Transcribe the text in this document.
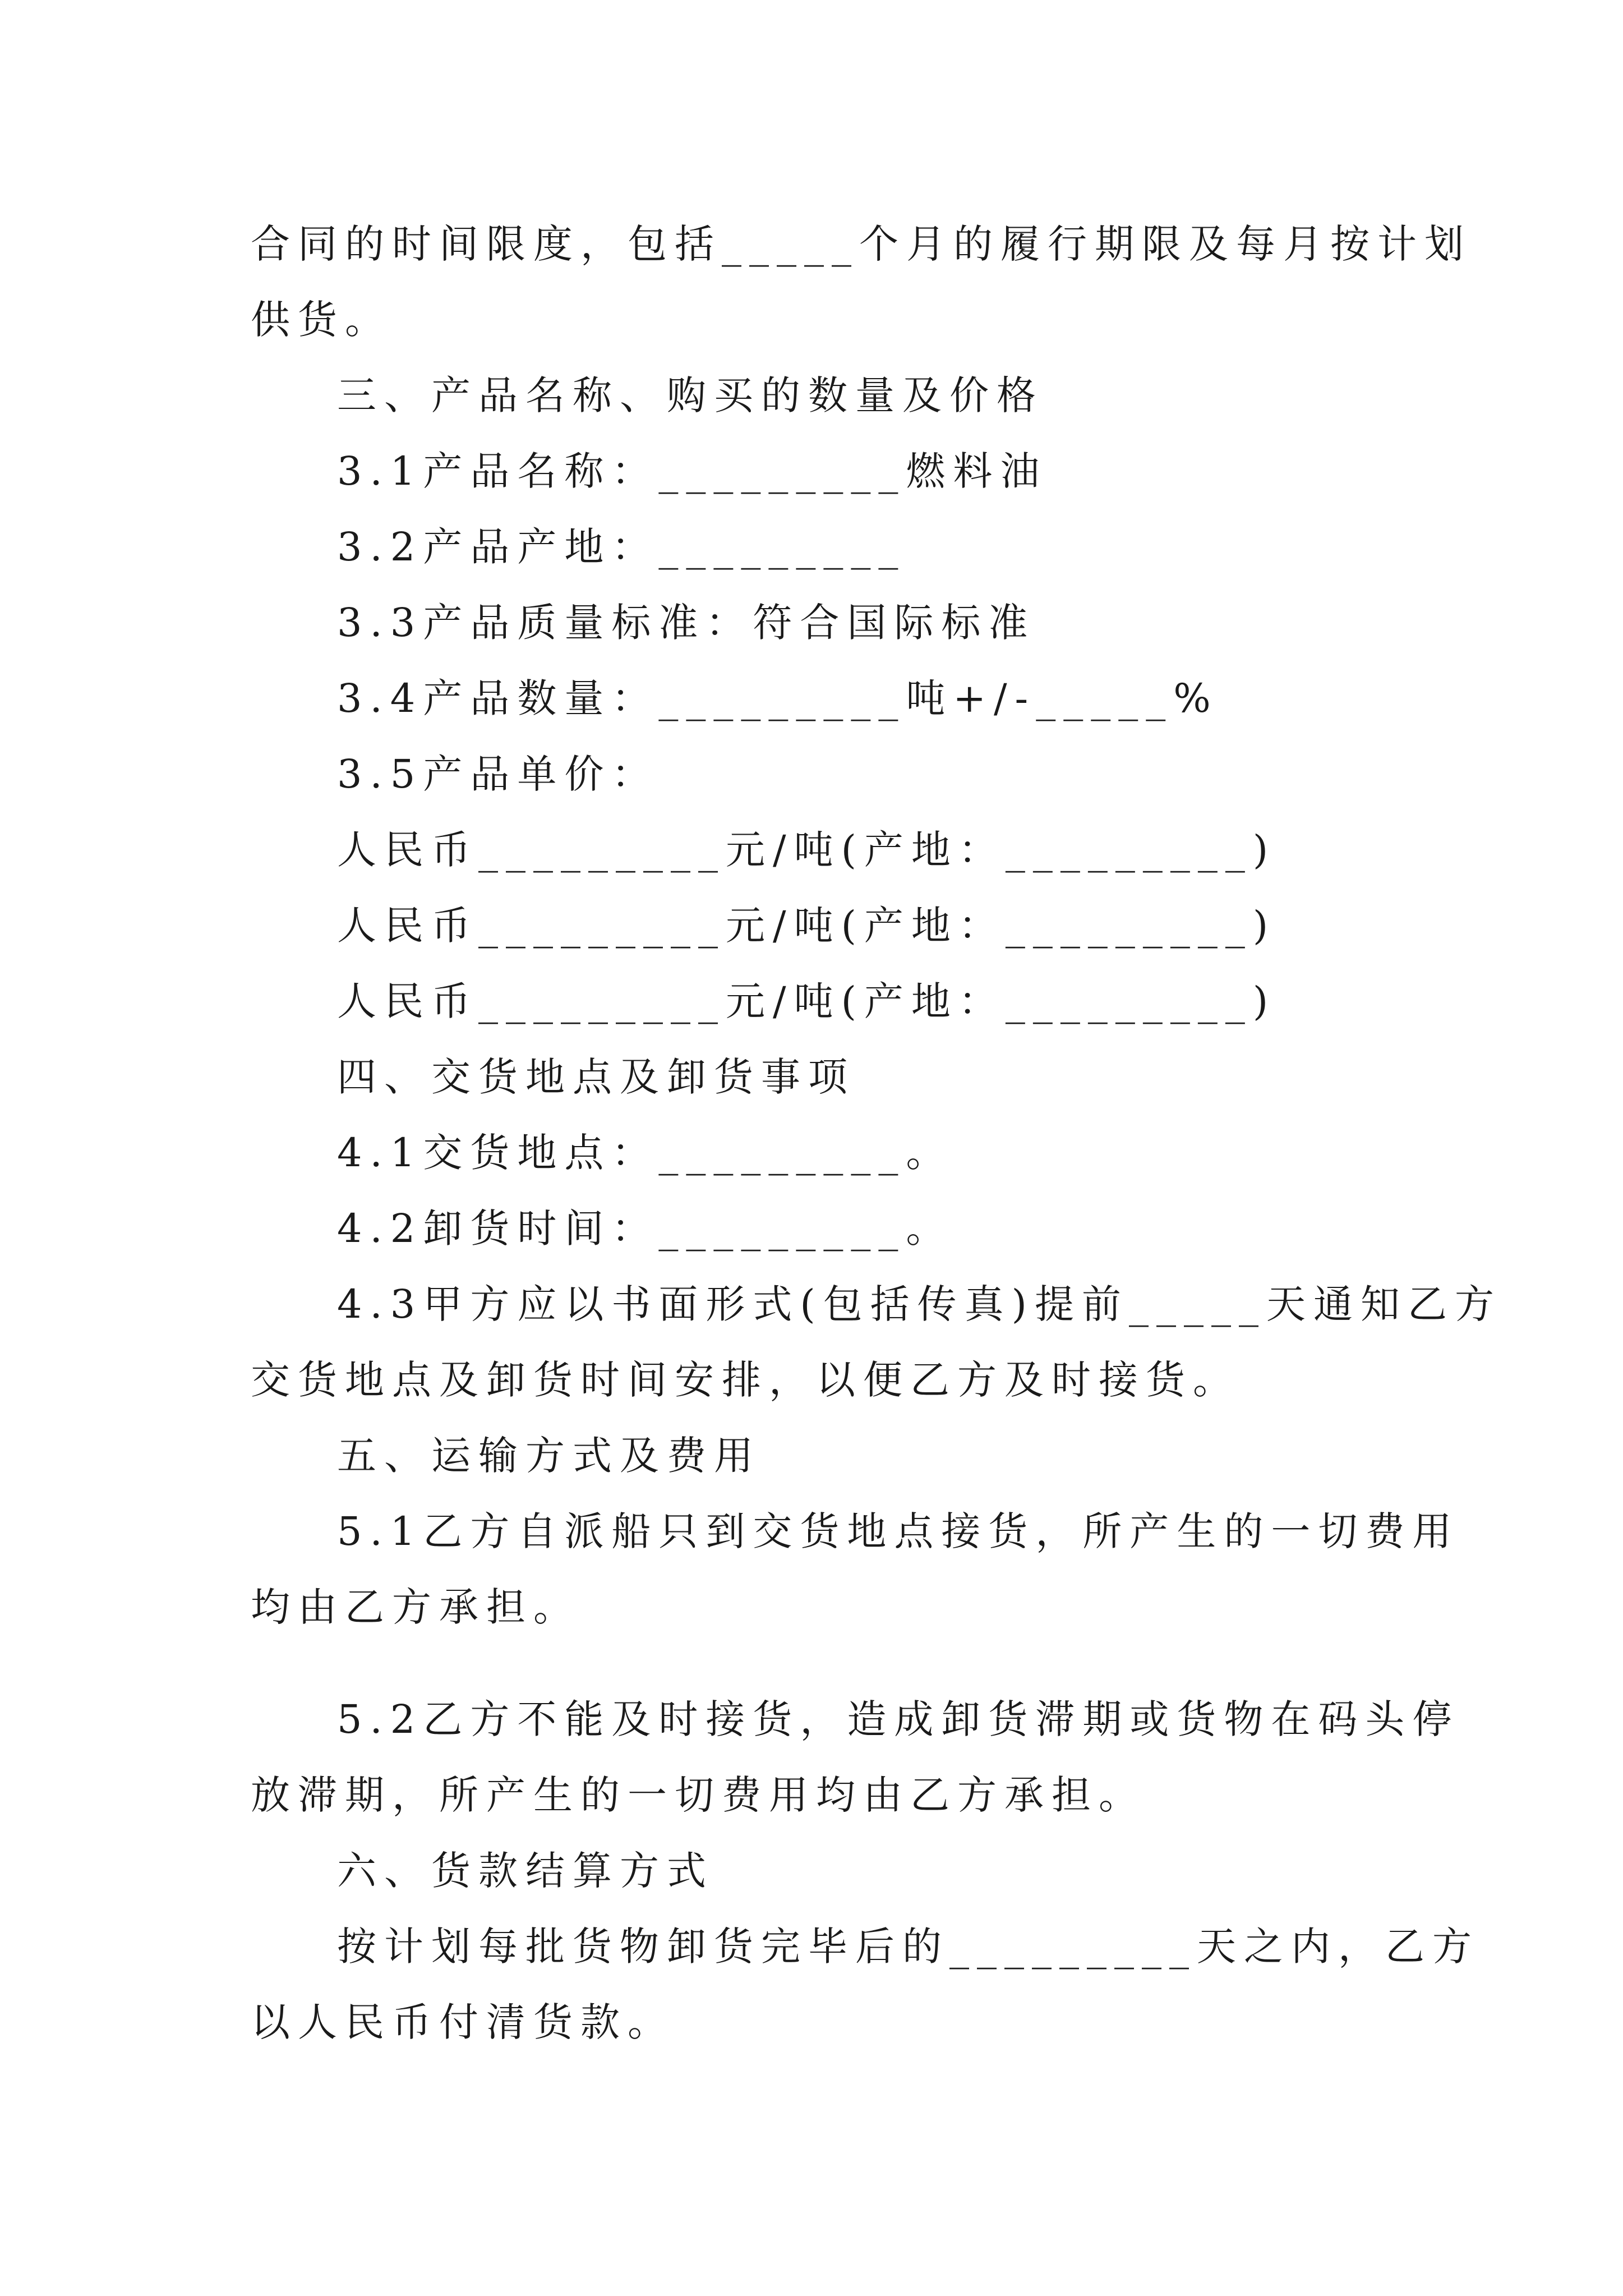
合同的时间限度，包括_____个月的履行期限及每月按计划
供货。
三、产品名称、购买的数量及价格
3.1产品名称：_________燃料油
3.2产品产地：_________
3.3产品质量标准：符合国际标准
3.4产品数量：_________吨+/-_____%
3.5产品单价：
人民币_________元/吨(产地：_________)
人民币_________元/吨(产地：_________)
人民币_________元/吨(产地：_________)
四、交货地点及卸货事项
4.1交货地点：_________。
4.2卸货时间：_________。
4.3甲方应以书面形式(包括传真)提前_____天通知乙方
交货地点及卸货时间安排，以便乙方及时接货。
五、运输方式及费用
5.1乙方自派船只到交货地点接货，所产生的一切费用
均由乙方承担。
5.2乙方不能及时接货，造成卸货滞期或货物在码头停
放滞期，所产生的一切费用均由乙方承担。
六、货款结算方式
按计划每批货物卸货完毕后的_________天之内，乙方
以人民币付清货款。
